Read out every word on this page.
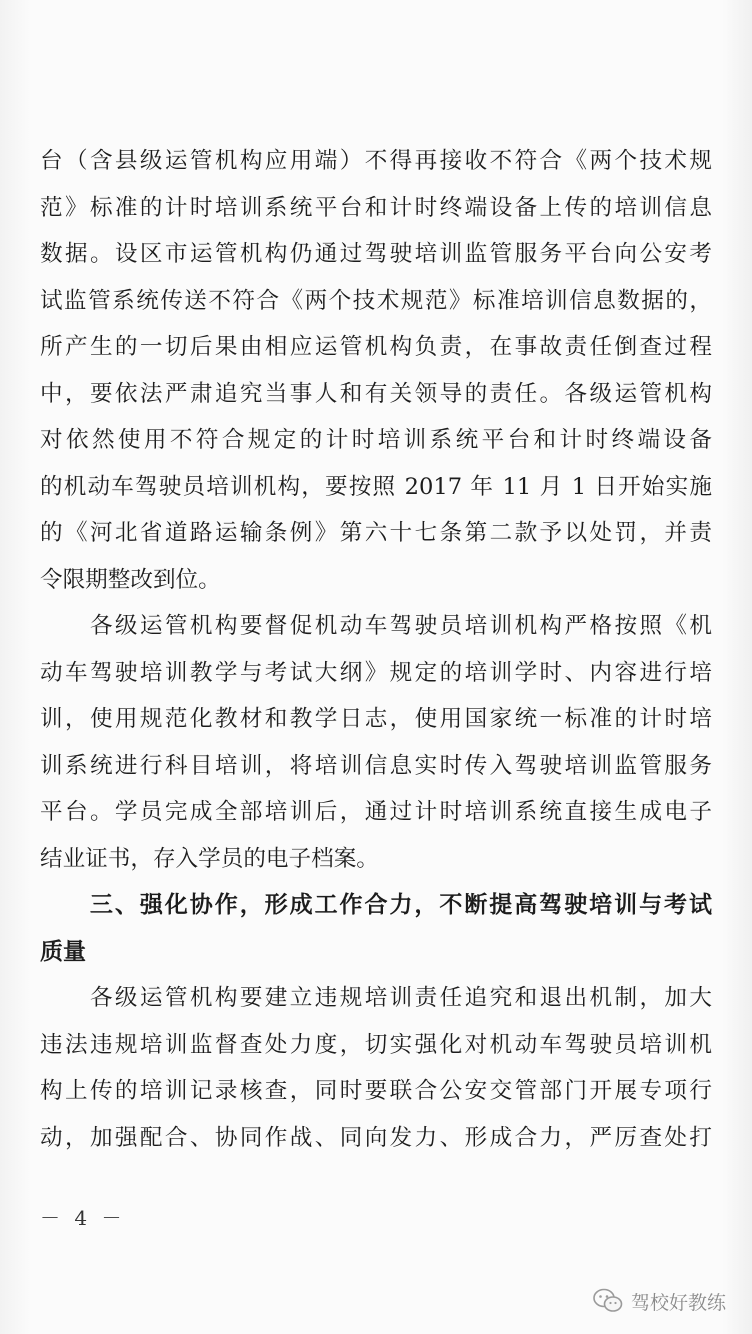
台（含县级运管机构应用端）不得再接收不符合《两个技术规
范》标准的计时培训系统平台和计时终端设备上传的培训信息
数据。设区市运管机构仍通过驾驶培训监管服务平台向公安考
试监管系统传送不符合《两个技术规范》标准培训信息数据的，
所产生的一切后果由相应运管机构负责，在事故责任倒查过程
中，要依法严肃追究当事人和有关领导的责任。各级运管机构
对依然使用不符合规定的计时培训系统平台和计时终端设备
的机动车驾驶员培训机构，要按照 2017 年 11 月 1 日开始实施
的《河北省道路运输条例》第六十七条第二款予以处罚，并责
令限期整改到位。
　　各级运管机构要督促机动车驾驶员培训机构严格按照《机
动车驾驶培训教学与考试大纲》规定的培训学时、内容进行培
训，使用规范化教材和教学日志，使用国家统一标准的计时培
训系统进行科目培训，将培训信息实时传入驾驶培训监管服务
平台。学员完成全部培训后，通过计时培训系统直接生成电子
结业证书，存入学员的电子档案。
　　三、强化协作，形成工作合力，不断提高驾驶培训与考试
质量
　　各级运管机构要建立违规培训责任追究和退出机制，加大
违法违规培训监督查处力度，切实强化对机动车驾驶员培训机
构上传的培训记录核查，同时要联合公安交管部门开展专项行
动，加强配合、协同作战、同向发力、形成合力，严厉查处打
－ 4 －
驾校好教练
